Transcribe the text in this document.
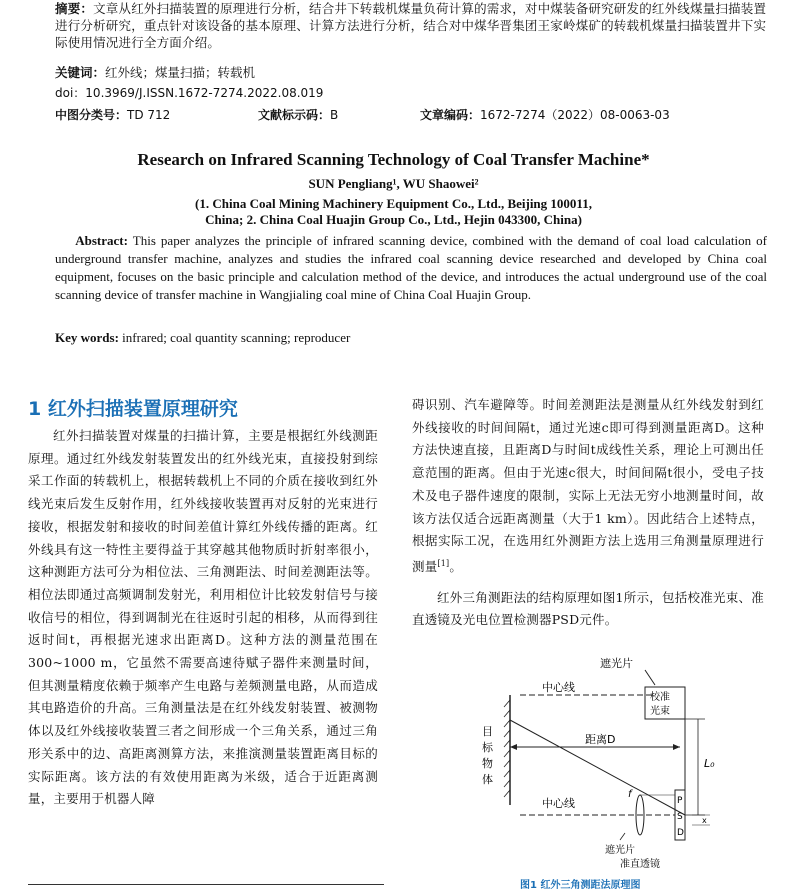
摘要：文章从红外扫描装置的原理进行分析，结合井下转载机煤量负荷计算的需求，对中煤装备研究研发的红外线煤量扫描装置进行分析研究，重点针对该设备的基本原理、计算方法进行分析，结合对中煤华晋集团王家岭煤矿的转载机煤量扫描装置井下实际使用情况进行全方面介绍。
关键词：红外线；煤量扫描；转载机
doi：10.3969/J.ISSN.1672-7274.2022.08.019
中图分类号：TD 712	文献标示码：B	文章编码：1672-7274（2022）08-0063-03
Research on Infrared Scanning Technology of Coal Transfer Machine*
SUN Pengliang¹, WU Shaowei²
(1. China Coal Mining Machinery Equipment Co., Ltd., Beijing 100011,
China; 2. China Coal Huajin Group Co., Ltd., Hejin 043300, China)
Abstract: This paper analyzes the principle of infrared scanning device, combined with the demand of coal load calculation of underground transfer machine, analyzes and studies the infrared coal scanning device researched and developed by China coal equipment, focuses on the basic principle and calculation method of the device, and introduces the actual underground use of the coal scanning device of transfer machine in Wangjialing coal mine of China Coal Huajin Group.
Key words: infrared; coal quantity scanning; reproducer
1 红外扫描装置原理研究
红外扫描装置对煤量的扫描计算，主要是根据红外线测距原理。通过红外线发射装置发出的红外线光束，直接投射到综采工作面的转载机上，根据转载机上不同的介质在接收到红外线光束后发生反射作用，红外线接收装置再对反射的光束进行接收，根据发射和接收的时间差值计算红外线传播的距离。红外线具有这一特性主要得益于其穿越其他物质时折射率很小，这种测距方法可分为相位法、三角测距法、时间差测距法等。相位法即通过高频调制发射光，利用相位计比较发射信号与接收信号的相位，得到调制光在往返时引起的相移，从而得到往返时间t，再根据光速求出距离D。这种方法的测量范围在300~1000 m，它虽然不需要高速待赋子器件来测量时间，但其测量精度依赖于频率产生电路与差频测量电路，从而造成其电路造价的升高。三角测量法是在红外线发射装置、被测物体以及红外线接收装置三者之间形成一个三角关系，通过三角形关系中的边、高距离测算方法，来推演测量装置距离目标的实际距离。该方法的有效使用距离为米级，适合于近距离测量，主要用于机器人障
碍识别、汽车避障等。时间差测距法是测量从红外线发射到红外线接收的时间间隔t，通过光速c即可得到测量距离D。这种方法快速直接，且距离D与时间t成线性关系，理论上可测出任意范围的距离。但由于光速c很大，时间间隔t很小，受电子技术及电子器件速度的限制，实际上无法无穷小地测量时间，故该方法仅适合远距离测量（大于1 km）。因此结合上述特点，根据实际工况，在选用红外测距方法上选用三角测量原理进行测量[1]。
红外三角测距法的结构原理如图1所示，包括校准光束、准直透镜及光电位置检测器PSD元件。
遮光片
中心线
校准
光束
目
标
物
体
距离D
L₀
中心线
f
P
S
D
x
遮光片
准直透镜
图1 红外三角测距法原理图
